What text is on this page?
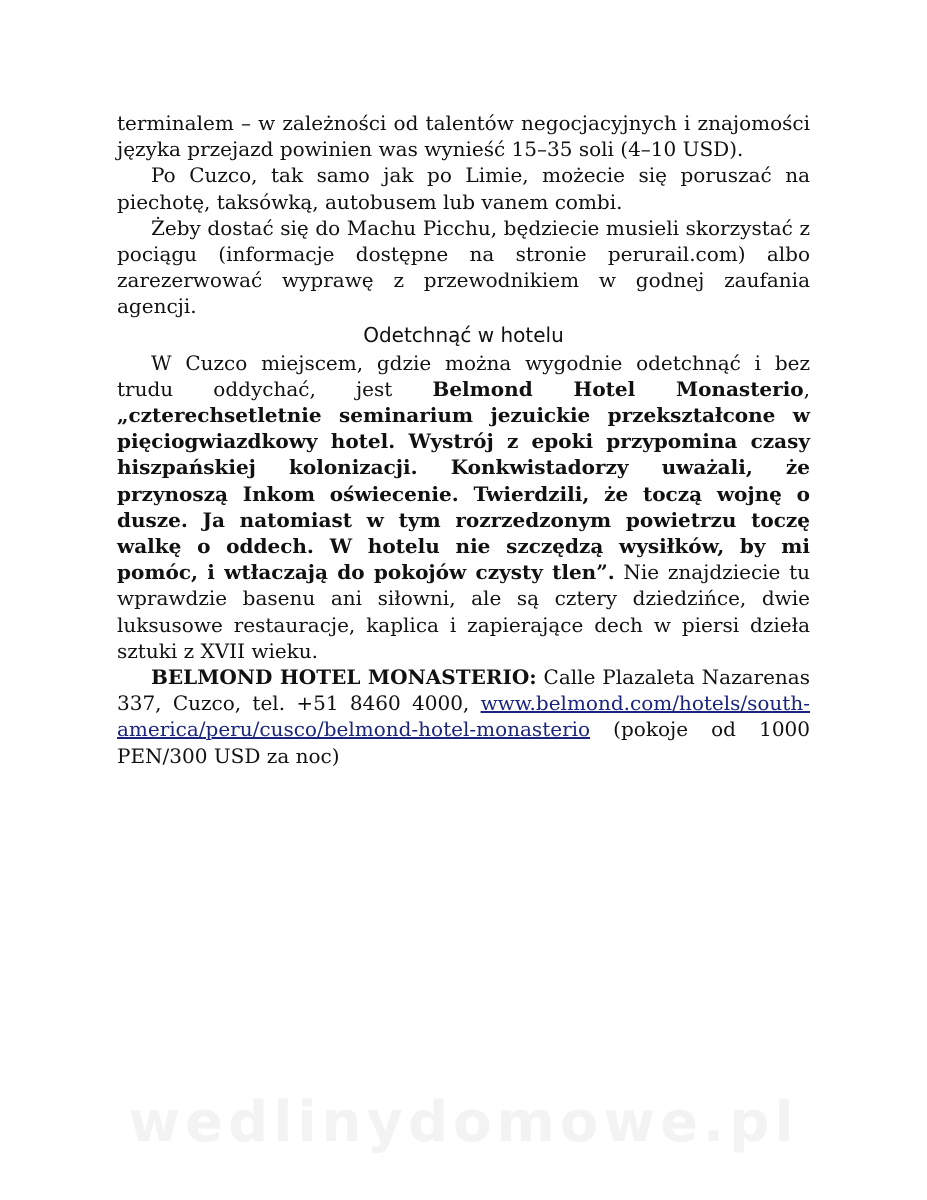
terminalem – w zależności od talentów negocjacyjnych i znajomości języka przejazd powinien was wynieść 15–35 soli (4–10 USD).

Po Cuzco, tak samo jak po Limie, możecie się poruszać na piechotę, taksówką, autobusem lub vanem combi.

Żeby dostać się do Machu Picchu, będziecie musieli skorzystać z pociągu (informacje dostępne na stronie perurail.com) albo zarezerwować wyprawę z przewodnikiem w godnej zaufania agencji.

Odetchnąć w hotelu

W Cuzco miejscem, gdzie można wygodnie odetchnąć i bez trudu oddychać, jest Belmond Hotel Monasterio, „czterechsetletnie seminarium jezuickie przekształcone w pięciogwiazdkowy hotel. Wystrój z epoki przypomina czasy hiszpańskiej kolonizacji. Konkwistadorzy uważali, że przynoszą Inkom oświecenie. Twierdzili, że toczą wojnę o dusze. Ja natomiast w tym rozrzedzonym powietrzu toczę walkę o oddech. W hotelu nie szczędzą wysiłków, by mi pomóc, i wtłaczają do pokojów czysty tlen”. Nie znajdziecie tu wprawdzie basenu ani siłowni, ale są cztery dziedzińce, dwie luksusowe restauracje, kaplica i zapierające dech w piersi dzieła sztuki z XVII wieku.

BELMOND HOTEL MONASTERIO: Calle Plazaleta Nazarenas 337, Cuzco, tel. +51 8460 4000, www.belmond.com/hotels/south-america/peru/cusco/belmond-hotel-monasterio (pokoje od 1000 PEN/300 USD za noc)

wedlinydomowe.pl
